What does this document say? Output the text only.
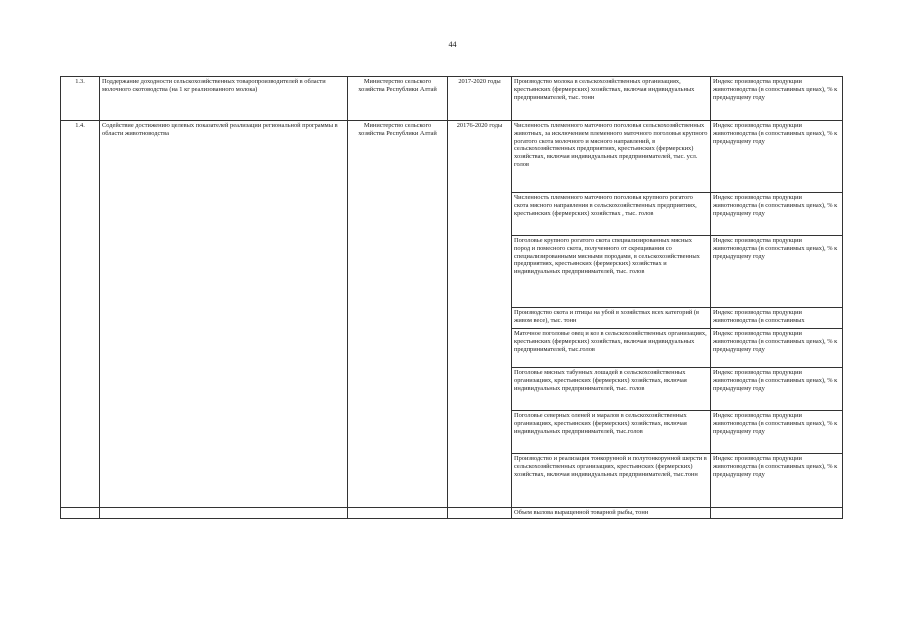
44
1.3.	Поддержание доходности сельскохозяйственных товаропроизводителей в области молочного скотоводства (на 1 кг реализованного молока)	Министерство сельского хозяйства Республики Алтай	2017-2020 годы	Производство молока в сельскохозяйственных организациях, крестьянских (фермерских) хозяйствах, включая индивидуальных предпринимателей, тыс. тонн	Индекс производства продукции животноводства (в сопоставимых ценах), % к предыдущему году
1.4.	Содействие достижению целевых показателей реализации региональной программы в области животноводства	Министерство сельского хозяйства Республики Алтай	20176-2020 годы	Численность племенного маточного поголовья сельскохозяйственных животных, за исключением племенного маточного поголовья крупного рогатого скота молочного и мясного направлений, в сельскохозяйственных предприятиях, крестьянских (фермерских) хозяйствах, включая индивидуальных предпринимателей, тыс. усл. голов	Индекс производства продукции животноводства (в сопоставимых ценах), % к предыдущему году
				Численность племенного маточного поголовья крупного рогатого скота мясного направления в сельскохозяйственных предприятиях, крестьянских (фермерских) хозяйствах , тыс. голов	Индекс производства продукции животноводства (в сопоставимых ценах), % к предыдущему году
				Поголовье крупного рогатого скота специализированных мясных пород и помесного скота, полученного от скрещивания со специализированными мясными породами, в сельскохозяйственных предприятиях, крестьянских (фермерских) хозяйствах и индивидуальных предпринимателей, тыс. голов	Индекс производства продукции животноводства (в сопоставимых ценах), % к предыдущему году
				Производство скота и птицы на убой в хозяйствах всех категорий (в живом весе), тыс. тонн	Индекс производства продукции животноводства (в сопоставимых
				Маточное поголовье овец и коз в сельскохозяйственных организациях, крестьянских (фермерских) хозяйствах, включая индивидуальных предпринимателей, тыс.голов	Индекс производства продукции животноводства (в сопоставимых ценах), % к предыдущему году
				Поголовье мясных табунных лошадей в сельскохозяйственных организациях, крестьянских (фермерских) хозяйствах, включая индивидуальных предпринимателей, тыс. голов	Индекс производства продукции животноводства (в сопоставимых ценах), % к предыдущему году
				Поголовье северных оленей и маралов в сельскохозяйственных организациях, крестьянских (фермерских) хозяйствах, включая индивидуальных предпринимателей, тыс.голов	Индекс производства продукции животноводства (в сопоставимых ценах), % к предыдущему году
				Производство и реализация тонкорунной и полутонкорунной шерсти в сельскохозяйственных организациях, крестьянских (фермерских) хозяйствах, включая индивидуальных предпринимателей, тыс.тонн	Индекс производства продукции животноводства (в сопоставимых ценах), % к предыдущему году
				Объем вылова выращенной товарной рыбы, тонн	
